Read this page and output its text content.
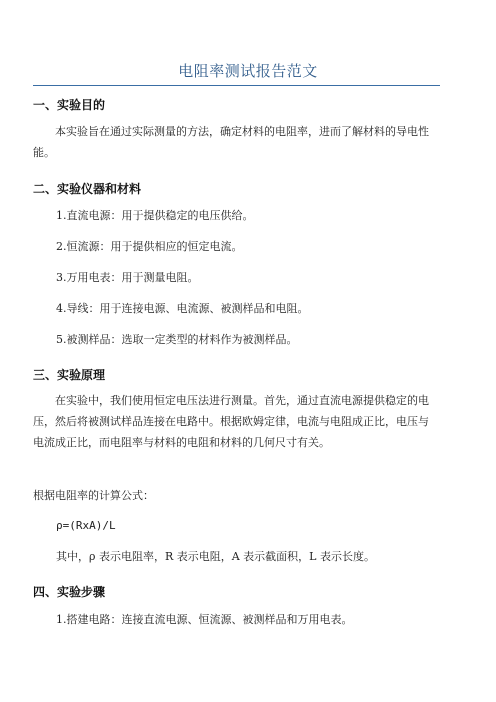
电阻率测试报告范文
一、实验目的
本实验旨在通过实际测量的方法，确定材料的电阻率，进而了解材料的导电性能。
二、实验仪器和材料
1.直流电源：用于提供稳定的电压供给。
2.恒流源：用于提供相应的恒定电流。
3.万用电表：用于测量电阻。
4.导线：用于连接电源、电流源、被测样品和电阻。
5.被测样品：选取一定类型的材料作为被测样品。
三、实验原理
在实验中，我们使用恒定电压法进行测量。首先，通过直流电源提供稳定的电压，然后将被测试样品连接在电路中。根据欧姆定律，电流与电阻成正比，电压与电流成正比，而电阻率与材料的电阻和材料的几何尺寸有关。
根据电阻率的计算公式：
ρ=(RxA)/L
其中，ρ 表示电阻率，R 表示电阻，A 表示截面积，L 表示长度。
四、实验步骤
1.搭建电路：连接直流电源、恒流源、被测样品和万用电表。
